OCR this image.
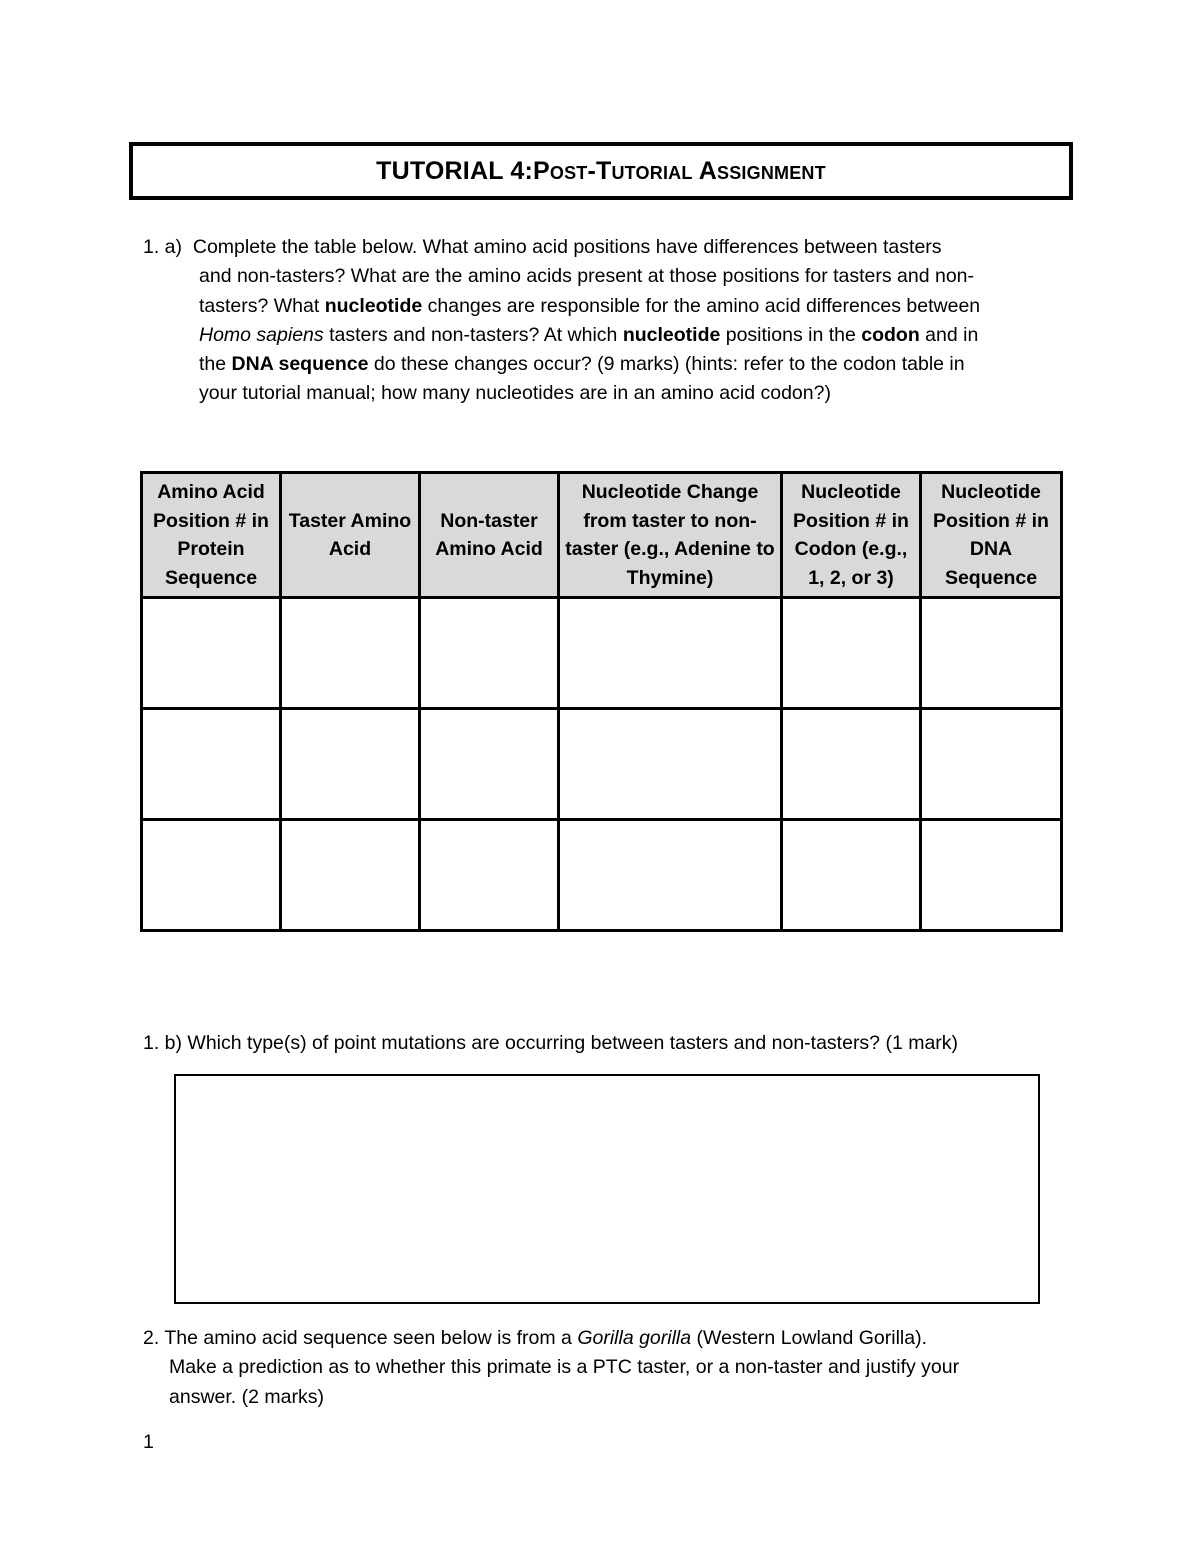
TUTORIAL 4: Post-Tutorial Assignment
1. a) Complete the table below. What amino acid positions have differences between tasters
and non-tasters? What are the amino acids present at those positions for tasters and non-
tasters? What nucleotide changes are responsible for the amino acid differences between
Homo sapiens tasters and non-tasters? At which nucleotide positions in the codon and in
the DNA sequence do these changes occur? (9 marks) (hints: refer to the codon table in
your tutorial manual; how many nucleotides are in an amino acid codon?)
Amino Acid Position # in Protein Sequence	Taster Amino Acid	Non-taster Amino Acid	Nucleotide Change from taster to non-taster (e.g., Adenine to Thymine)	Nucleotide Position # in Codon (e.g., 1, 2, or 3)	Nucleotide Position # in DNA Sequence

1. b) Which type(s) of point mutations are occurring between tasters and non-tasters? (1 mark)
2. The amino acid sequence seen below is from a Gorilla gorilla (Western Lowland Gorilla).
Make a prediction as to whether this primate is a PTC taster, or a non-taster and justify your
answer. (2 marks)
1
